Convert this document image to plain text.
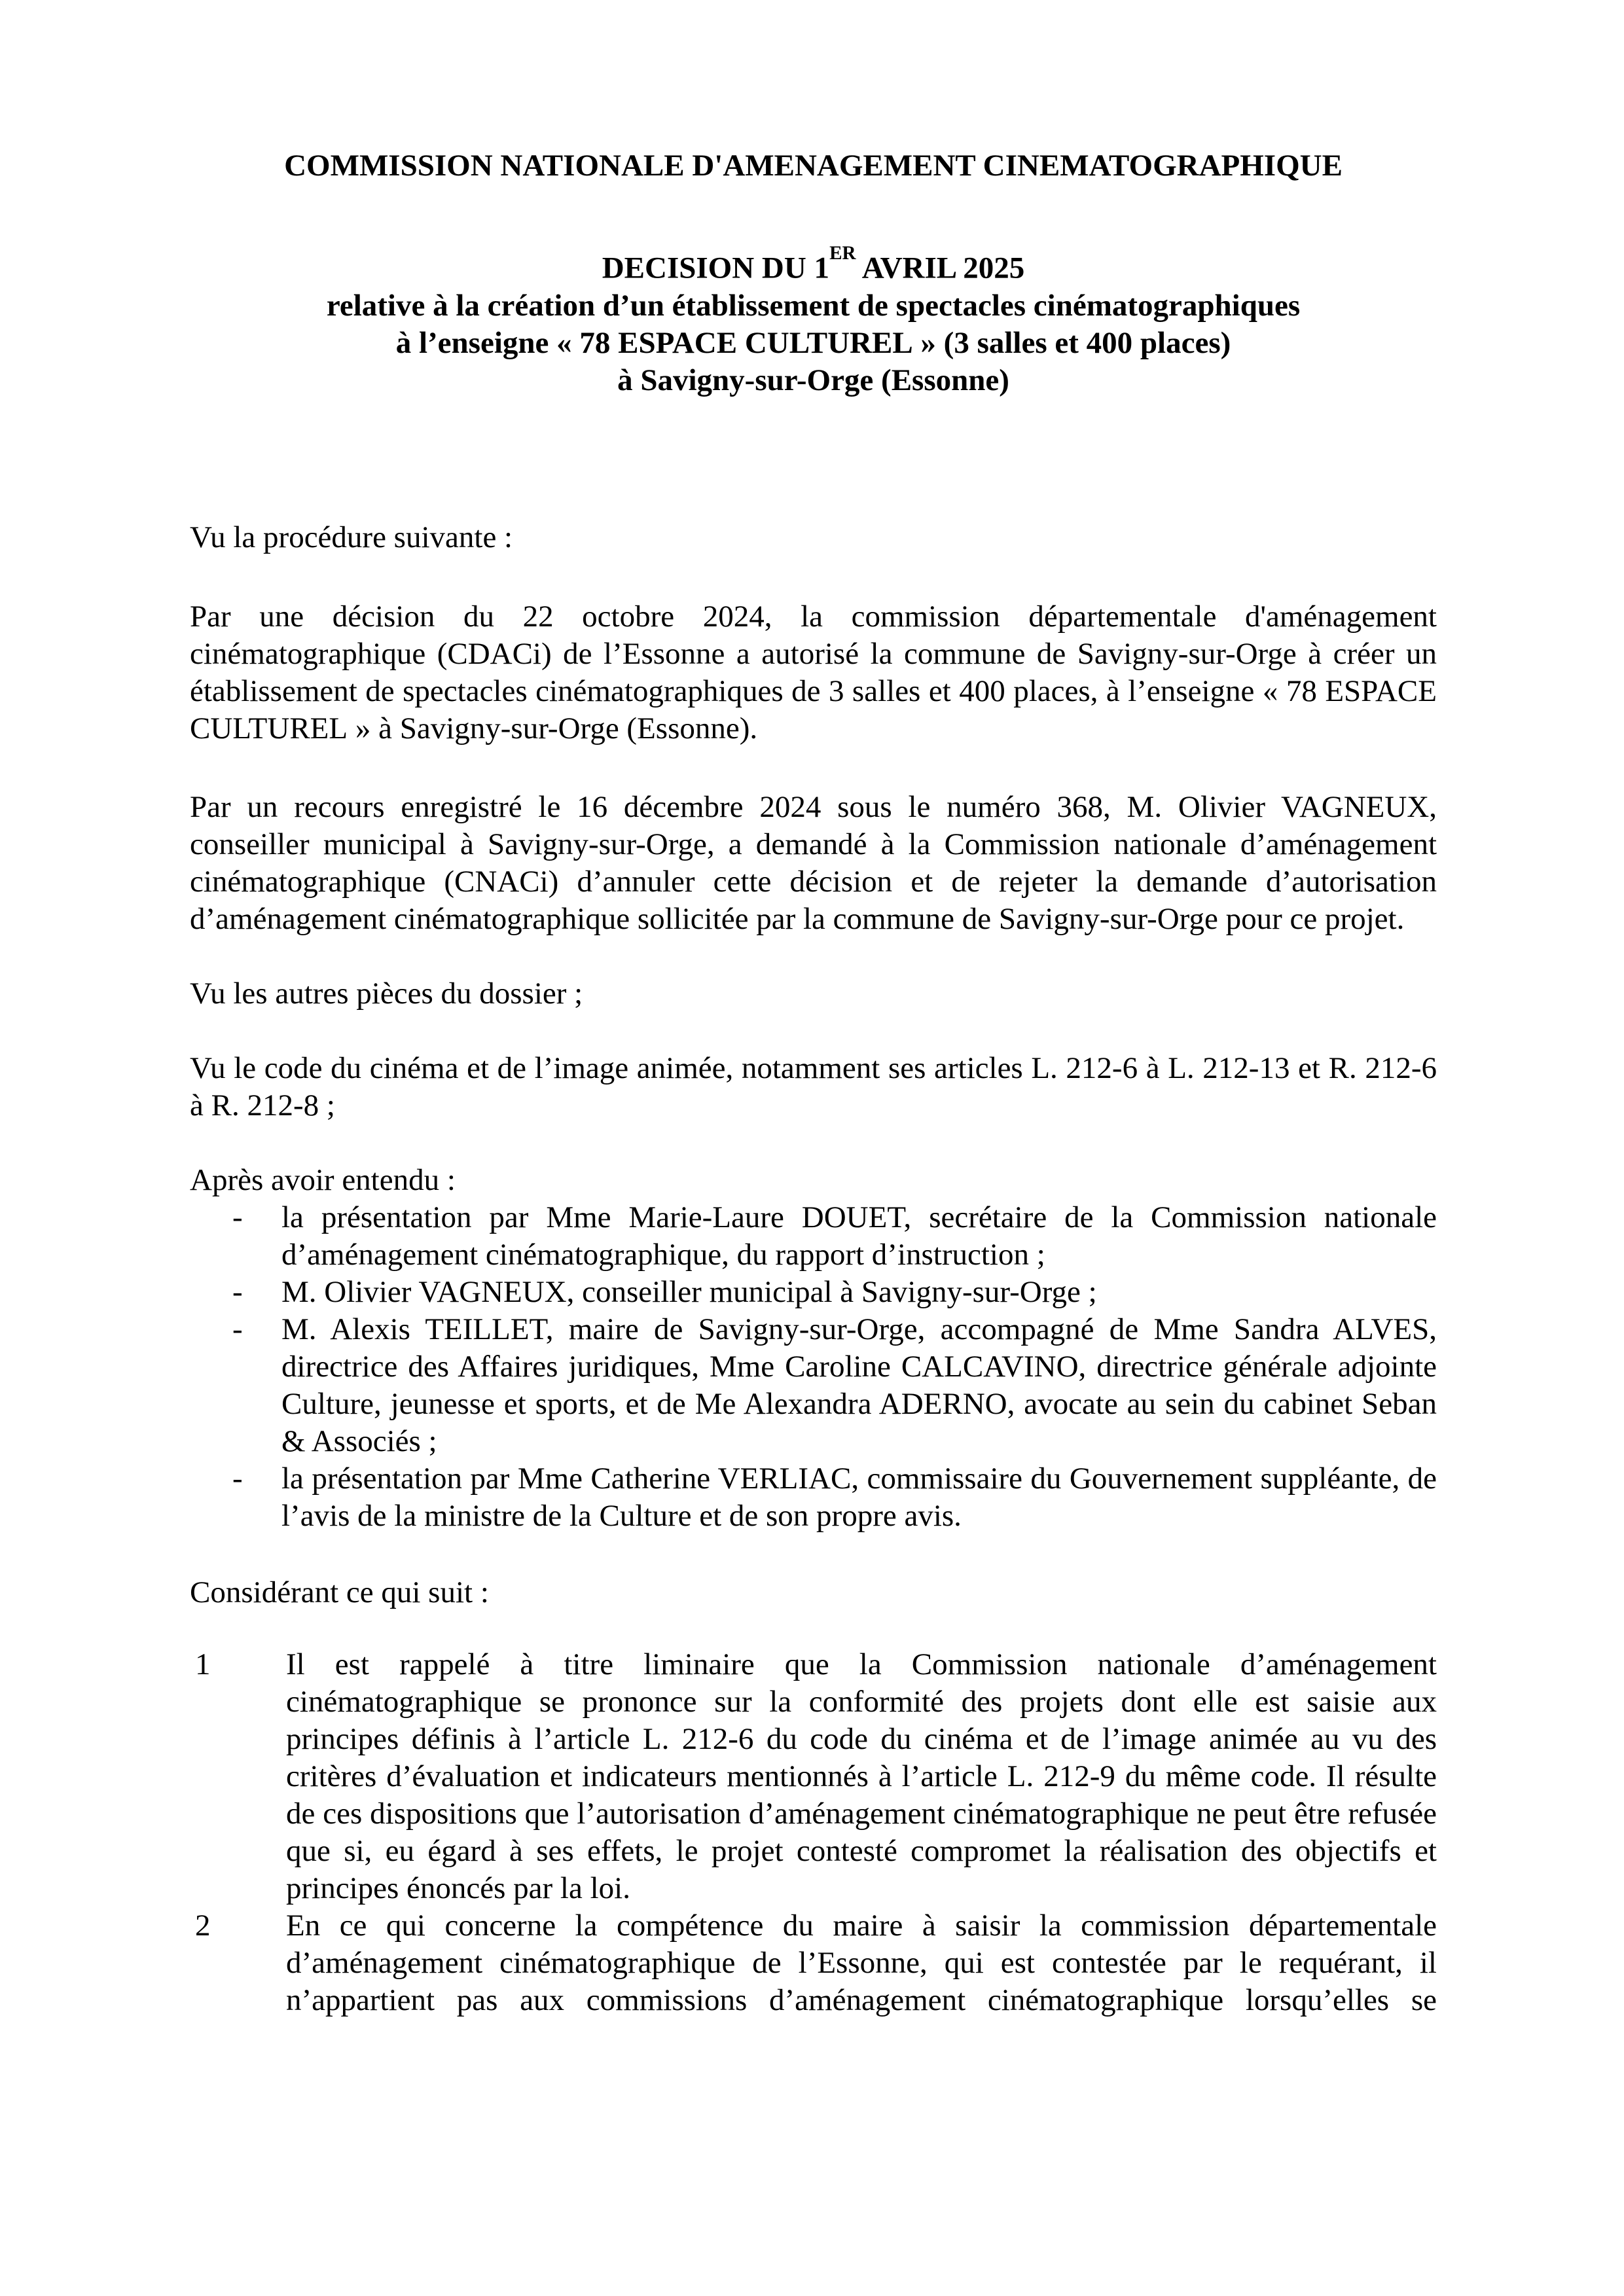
COMMISSION NATIONALE D'AMENAGEMENT CINEMATOGRAPHIQUE

DECISION DU 1ER AVRIL 2025

relative à la création d’un établissement de spectacles cinématographiques

à l’enseigne « 78 ESPACE CULTUREL » (3 salles et 400 places)

à Savigny-sur-Orge (Essonne)

Vu la procédure suivante :

Par une décision du 22 octobre 2024, la commission départementale d'aménagement cinématographique (CDACi) de l’Essonne a autorisé la commune de Savigny-sur-Orge à créer un établissement de spectacles cinématographiques de 3 salles et 400 places, à l’enseigne « 78 ESPACE CULTUREL » à Savigny-sur-Orge (Essonne).

Par un recours enregistré le 16 décembre 2024 sous le numéro 368, M. Olivier VAGNEUX, conseiller municipal à Savigny-sur-Orge, a demandé à la Commission nationale d’aménagement cinématographique (CNACi) d’annuler cette décision et de rejeter la demande d’autorisation d’aménagement cinématographique sollicitée par la commune de Savigny-sur-Orge pour ce projet.

Vu les autres pièces du dossier ;

Vu le code du cinéma et de l’image animée, notamment ses articles L. 212-6 à L. 212-13 et R. 212-6 à R. 212-8 ;

Après avoir entendu :

- la présentation par Mme Marie-Laure DOUET, secrétaire de la Commission nationale d’aménagement cinématographique, du rapport d’instruction ;
- M. Olivier VAGNEUX, conseiller municipal à Savigny-sur-Orge ;
- M. Alexis TEILLET, maire de Savigny-sur-Orge, accompagné de Mme Sandra ALVES, directrice des Affaires juridiques, Mme Caroline CALCAVINO, directrice générale adjointe Culture, jeunesse et sports, et de Me Alexandra ADERNO, avocate au sein du cabinet Seban & Associés ;
- la présentation par Mme Catherine VERLIAC, commissaire du Gouvernement suppléante, de l’avis de la ministre de la Culture et de son propre avis.

Considérant ce qui suit :

1 Il est rappelé à titre liminaire que la Commission nationale d’aménagement cinématographique se prononce sur la conformité des projets dont elle est saisie aux principes définis à l’article L. 212-6 du code du cinéma et de l’image animée au vu des critères d’évaluation et indicateurs mentionnés à l’article L. 212-9 du même code. Il résulte de ces dispositions que l’autorisation d’aménagement cinématographique ne peut être refusée que si, eu égard à ses effets, le projet contesté compromet la réalisation des objectifs et principes énoncés par la loi.
2 En ce qui concerne la compétence du maire à saisir la commission départementale d’aménagement cinématographique de l’Essonne, qui est contestée par le requérant, il n’appartient pas aux commissions d’aménagement cinématographique lorsqu’elles se
